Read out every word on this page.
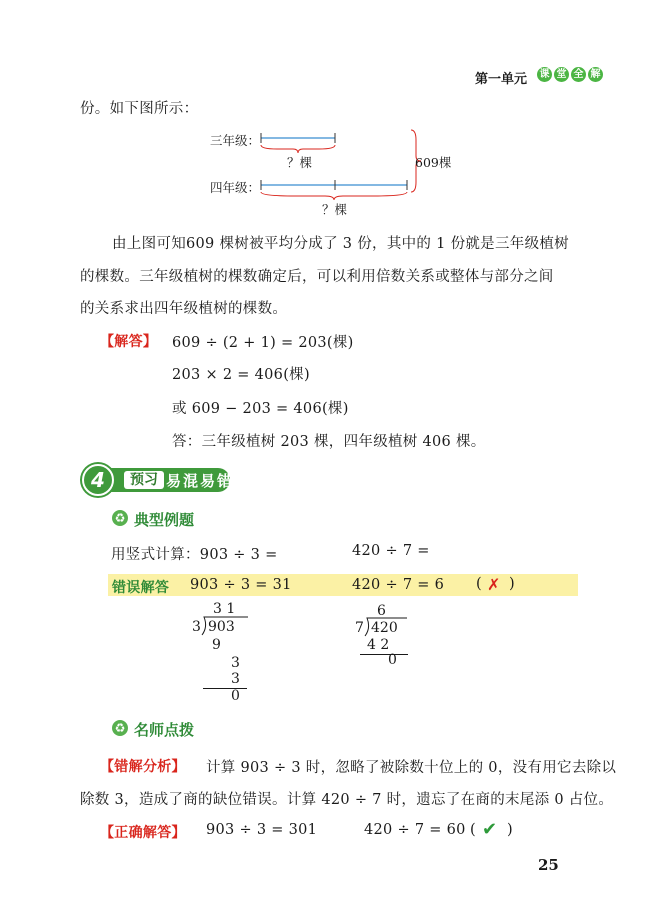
第一单元 课 堂 全 解
份。如下图所示：
三年级：
四年级：
？棵
？棵
609棵
由上图可知609 棵树被平均分成了 3 份，其中的 1 份就是三年级植树
的棵数。三年级植树的棵数确定后，可以利用倍数关系或整体与部分之间
的关系求出四年级植树的棵数。
【解答】 609 ÷ (2 + 1) = 203(棵)
203 × 2 = 406(棵)
或 609 − 203 = 406(棵)
答：三年级植树 203 棵，四年级植树 406 棵。
4	预习 易混易错
♻ 典型例题
用竖式计算：903 ÷ 3 =	420 ÷ 7 =
错误解答 903 ÷ 3 = 31	420 ÷ 7 = 6 ( ✗ )
3 1
3 903
9
3
3
0
6
7 420
4 2
0
♻ 名师点拨
【错解分析】 计算 903 ÷ 3 时，忽略了被除数十位上的 0，没有用它去除以
除数 3，造成了商的缺位错误。计算 420 ÷ 7 时，遗忘了在商的末尾添 0 占位。
【正确解答】 903 ÷ 3 = 301	420 ÷ 7 = 60 ( ✔ )
25
